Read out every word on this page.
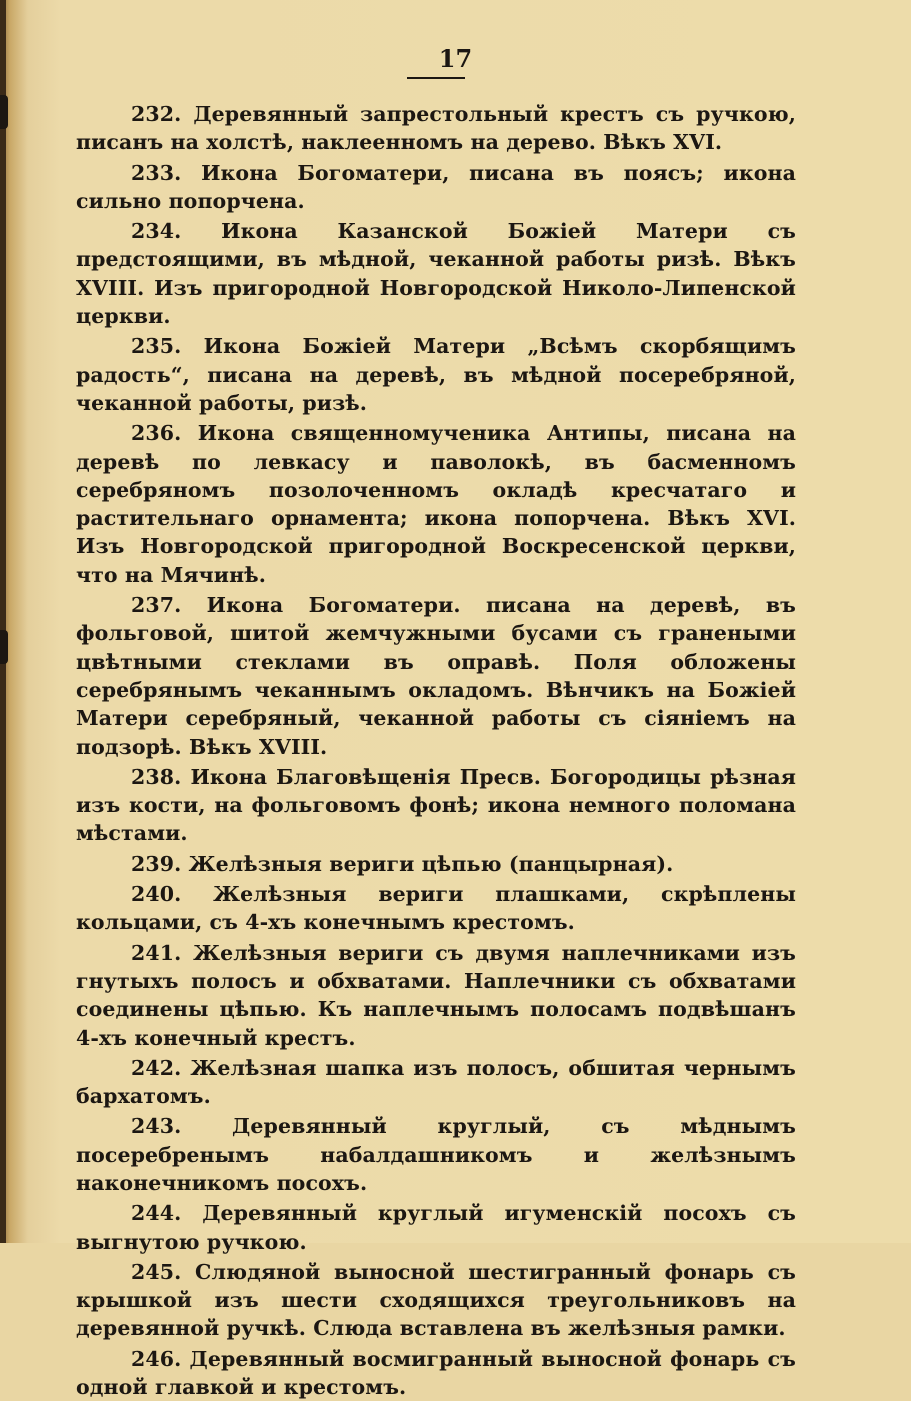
17

232. Деревянный запрестольный крестъ съ ручкою, писанъ на холстѣ, наклееннoмъ на дерево. Вѣкъ XVI.

233. Икона Богоматери, писана въ поясъ; икона сильно попорчена.

234. Икона Казанской Божіей Матери съ предстоящими, въ мѣдной, чеканной работы ризѣ. Вѣкъ XVIII. Изъ пригородной Новгородской Николо-Липенской церкви.

235. Икона Божіей Матери „Всѣмъ скорбящимъ радость“, писана на деревѣ, въ мѣдной посеребряной, чеканной работы, ризѣ.

236. Икона священномученика Антипы, писана на деревѣ по левкасу и паволокѣ, въ басменномъ серебряномъ позолоченномъ окладѣ кресчатаго и растительнаго орнамента; икона попорчена. Вѣкъ XVI. Изъ Новгородской пригородной Воскресенской церкви, что на Мячинѣ.

237. Икона Богоматери. писана на деревѣ, въ фольговой, шитой жемчужными бусами съ гранеными цвѣтными стеклами въ оправѣ. Поля обложены серебрянымъ чеканнымъ окладомъ. Вѣнчикъ на Божіей Матери серебряный, чеканной работы съ сіяніемъ на подзорѣ. Вѣкъ XVIII.

238. Икона Благовѣщенія Пресв. Богородицы рѣзная изъ кости, на фольговомъ фонѣ; икона немного поломана мѣстами.

239. Желѣзныя вериги цѣпью (панцырная).

240. Желѣзныя вериги плашками, скрѣплены кольцами, съ 4-хъ конечнымъ крестомъ.

241. Желѣзныя вериги съ двумя наплечниками изъ гнутыхъ полосъ и обхватами. Наплечники съ обхватами соединены цѣпью. Къ наплечнымъ полосамъ подвѣшанъ 4-хъ конечный крестъ.

242. Желѣзная шапка изъ полосъ, обшитая чернымъ бархатомъ.

243. Деревянный круглый, съ мѣднымъ посеребренымъ набалдашникомъ и желѣзнымъ наконечникомъ посохъ.

244. Деревянный круглый игуменскій посохъ съ выгнутою ручкою.

245. Слюдяной выносной шестигранный фонарь съ крышкой изъ шести сходящихся треугольниковъ на деревянной ручкѣ. Слюда вставлена въ желѣзныя рамки.

246. Деревянный восмигранный выносной фонарь съ одной главкой и крестомъ.
